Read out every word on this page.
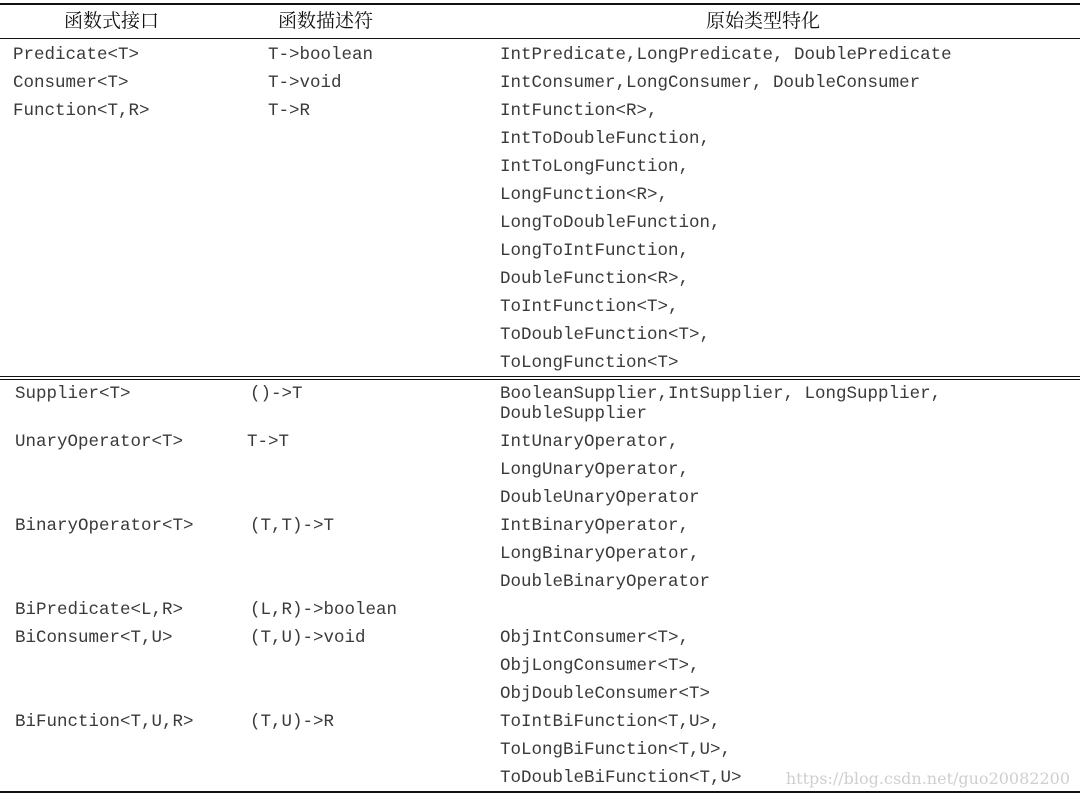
函数式接口	函数描述符	原始类型特化
Predicate<T>	T->boolean	IntPredicate,LongPredicate, DoublePredicate
Consumer<T>	T->void	IntConsumer,LongConsumer, DoubleConsumer
Function<T,R>	T->R	IntFunction<R>,
IntToDoubleFunction,
IntToLongFunction,
LongFunction<R>,
LongToDoubleFunction,
LongToIntFunction,
DoubleFunction<R>,
ToIntFunction<T>,
ToDoubleFunction<T>,
ToLongFunction<T>
Supplier<T>	()->T	BooleanSupplier,IntSupplier, LongSupplier,
DoubleSupplier
UnaryOperator<T>	T->T	IntUnaryOperator,
LongUnaryOperator,
DoubleUnaryOperator
BinaryOperator<T>	(T,T)->T	IntBinaryOperator,
LongBinaryOperator,
DoubleBinaryOperator
BiPredicate<L,R>	(L,R)->boolean
BiConsumer<T,U>	(T,U)->void	ObjIntConsumer<T>,
ObjLongConsumer<T>,
ObjDoubleConsumer<T>
BiFunction<T,U,R>	(T,U)->R	ToIntBiFunction<T,U>,
ToLongBiFunction<T,U>,
ToDoubleBiFunction<T,U>	https://blog.csdn.net/guo20082200
